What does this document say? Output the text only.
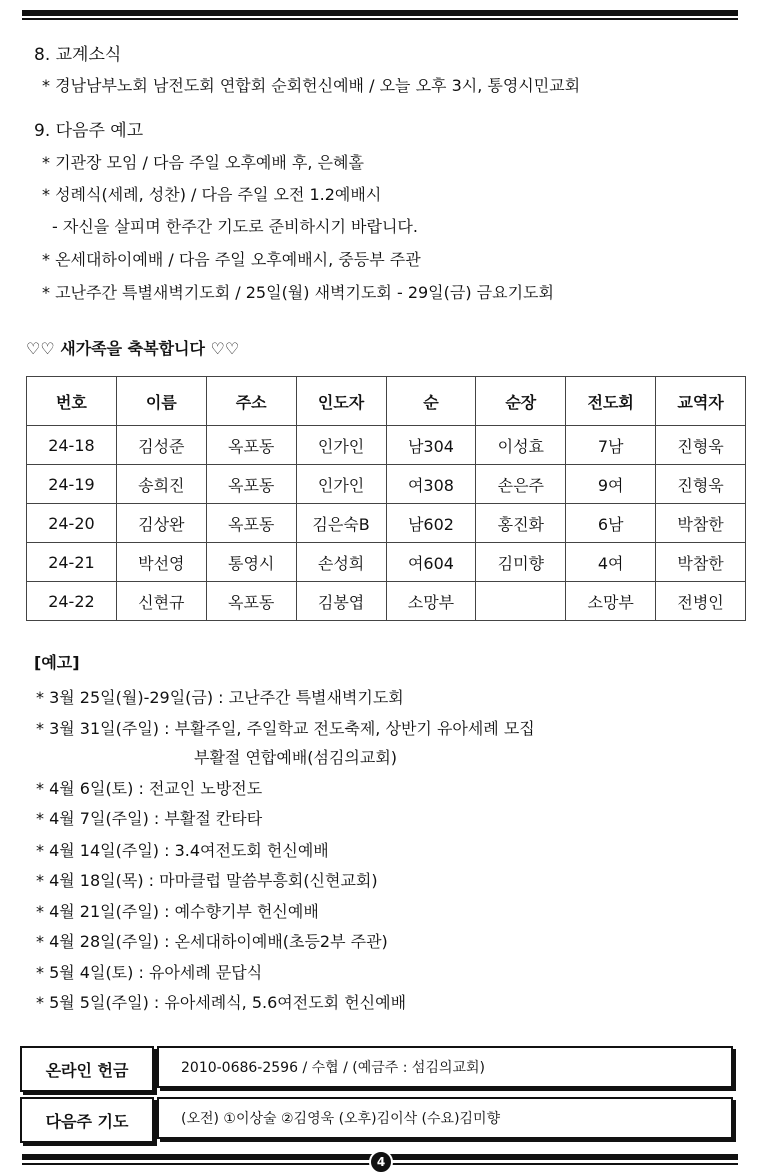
8. 교계소식
* 경남남부노회 남전도회 연합회 순회헌신예배 / 오늘 오후 3시, 통영시민교회
9. 다음주 예고
* 기관장 모임 / 다음 주일 오후예배 후, 은혜홀
* 성례식(세례, 성찬) / 다음 주일 오전 1.2예배시
- 자신을 살피며 한주간 기도로 준비하시기 바랍니다.
* 온세대하이예배 / 다음 주일 오후예배시, 중등부 주관
* 고난주간 특별새벽기도회 / 25일(월) 새벽기도회 - 29일(금) 금요기도회
♡♡ 새가족을 축복합니다 ♡♡
번호	이름	주소	인도자	순	순장	전도회	교역자
24-18	김성준	옥포동	인가인	남304	이성효	7남	진형욱
24-19	송희진	옥포동	인가인	여308	손은주	9여	진형욱
24-20	김상완	옥포동	김은숙B	남602	홍진화	6남	박참한
24-21	박선영	통영시	손성희	여604	김미향	4여	박참한
24-22	신현규	옥포동	김봉엽	소망부		소망부	전병인
[예고]
* 3월 25일(월)-29일(금) : 고난주간 특별새벽기도회
* 3월 31일(주일) : 부활주일, 주일학교 전도축제, 상반기 유아세례 모집
부활절 연합예배(섬김의교회)
* 4월 6일(토) : 전교인 노방전도
* 4월 7일(주일) : 부활절 칸타타
* 4월 14일(주일) : 3.4여전도회 헌신예배
* 4월 18일(목) : 마마클럽 말씀부흥회(신현교회)
* 4월 21일(주일) : 예수향기부 헌신예배
* 4월 28일(주일) : 온세대하이예배(초등2부 주관)
* 5월 4일(토) : 유아세례 문답식
* 5월 5일(주일) : 유아세례식, 5.6여전도회 헌신예배
온라인 헌금	2010-0686-2596 / 수협 / (예금주 : 섬김의교회)
다음주 기도	(오전) ①이상술 ②김영욱 (오후)김이삭 (수요)김미향
4
